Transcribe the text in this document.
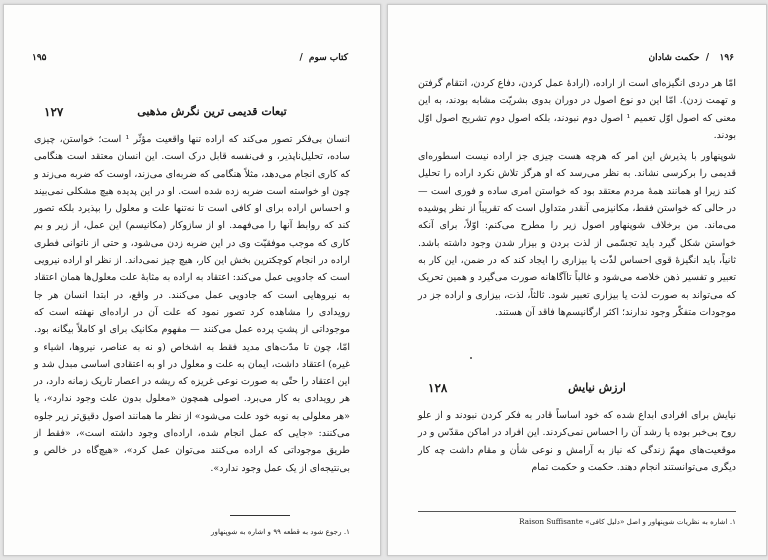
کتاب سوم /
۱۹۵
۱۲۷	تبعات قدیمی ترین نگرش مذهبی

انسان بی‌فکر تصور می‌کند که اراده تنها واقعیت مؤثّر ¹ است؛ خواستن، چیزی ساده، تحلیل‌ناپذیر، و فی‌نفسه قابل درک است. این انسان معتقد است هنگامی که کاری انجام می‌دهد، مثلاً هنگامی که ضربه‌ای می‌زند، اوست که ضربه می‌زند و چون او خواسته است ضربه زده شده است. او در این پدیده هیچ مشکلی نمی‌بیند و احساس اراده برای او کافی است تا نه‌تنها علت و معلول را بپذیرد بلکه تصور کند که روابط آنها را می‌فهمد. او از سازوکار (مکانیسم) این عمل، از زیر و بم کاری که موجب موفقیّت وی در این ضربه زدن می‌شود، و حتی از ناتوانی فطری اراده در انجام کوچکترین بخش این کار، هیچ چیز نمی‌داند. از نظر او اراده نیرویی است که جادویی عمل می‌کند: اعتقاد به اراده به مثابهٔ علت معلول‌ها همان اعتقاد به نیروهایی است که جادویی عمل می‌کنند. در واقع، در ابتدا انسان هر جا رویدادی را مشاهده کرد تصور نمود که علت آن در اراده‌ای نهفته است که موجوداتی از پشتِ پرده عمل می‌کنند — مفهوم مکانیک برای او کاملاً بیگانه بود. امّا، چون تا مدّت‌های مدید فقط به اشخاص (و نه به عناصر، نیروها، اشیاء و غیره) اعتقاد داشت، ایمان به علت و معلول در او به اعتقادی اساسی مبدل شد و این اعتقاد را حتّی به صورت نوعی غریزه که ریشه در اعصار تاریک زمانه دارد، در هر رویدادی به کار می‌برد. اصولی همچون «معلول بدون علت وجود ندارد»، یا «هر معلولی به نوبه خود علت می‌شود» از نظر ما همانند اصول دقیق‌تر زیر جلوه می‌کنند: «جایی که عمل انجام شده، اراده‌ای وجود داشته است»، «فقط از طریق موجوداتی که اراده می‌کنند می‌توان عمل کرد»، «هیچ‌گاه در خالص و بی‌نتیجه‌ای از یک عمل وجود ندارد».

۱. رجوع شود به قطعه ۹۹ و اشاره به شوپنهاور
۱۹۶
/ حکمت شادان

امّا هر دردی انگیزه‌ای است از اراده، (ارادهٔ عمل کردن، دفاع کردن، انتقام گرفتن و تهمت زدن). امّا این دو نوع اصول در دوران بدوی بشریّت مشابه بودند، به این معنی که اصول اوّل تعمیم ¹ اصول دوم نبودند، بلکه اصول دوم تشریح اصول اوّل بودند.

شوپنهاور با پذیرش این امر که هرچه هست چیزی جز اراده نیست اسطوره‌ای قدیمی را برکرسی نشاند. به نظر می‌رسد که او هرگز تلاش نکرد اراده را تحلیل کند زیرا او همانند همهٔ مردم معتقد بود که خواستن امری ساده و فوری است — در حالی که خواستن فقط، مکانیزمی آنقدر متداول است که تقریباً از نظر پوشیده می‌ماند. من برخلاف شوپنهاور اصول زیر را مطرح می‌کنم: اوّلاً، برای آنکه خواستن شکل گیرد باید تجسّمی از لذت بردن و بیزار شدن وجود داشته باشد. ثانیاً، باید انگیزهٔ قوی احساس لذّت یا بیزاری را ایجاد کند که در ضمن، این کار به تعبیر و تفسیر ذهن خلاصه می‌شود و غالباً تاآگاهانه صورت می‌گیرد و همین تحریک که می‌تواند به صورت لذت یا بیزاری تعبیر شود. ثالثاً، لذت، بیزاری و اراده جز در موجودات متفکّر وجود ندارند؛ اکثر ارگانیسم‌ها فاقد آن هستند.

۱۲۸	ارزش نیایش

نیایش برای افرادی ابداع شده که خود اساساً قادر به فکر کردن نبودند و از علو روح بی‌خبر بوده یا رشد آن را احساس نمی‌کردند. این افراد در اماکن مقدّس و در موقعیت‌های مهمّ زندگی که نیاز به آرامش و نوعی شأن و مقام داشت چه کار دیگری می‌توانستند انجام دهند. حکمت و حکمت تمام

۱. اشاره به نظریات شوپنهاور و اصل «دلیل کافی» Raison Suffisante
